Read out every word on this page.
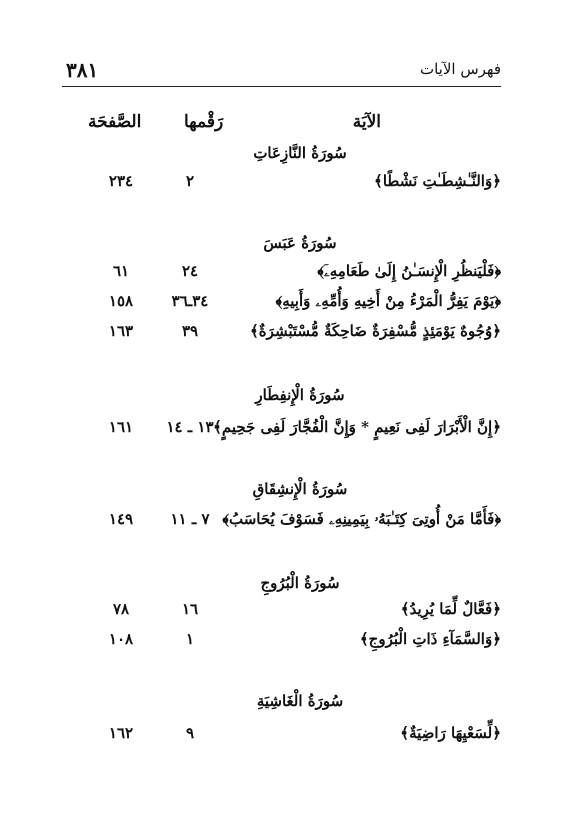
فهرس الآيات
٣٨١
الآيَة
رَقْمها
الصَّفحَة
سُورَةُ النَّازِعَاتِ
﴿وَالنَّـٰشِطَـٰتِ نَشْطًا﴾
٢
٢٣٤
سُورَةُ عَبَسَ
﴿فَلْيَنظُرِ الْإِنسَـٰنُ إِلَىٰ طَعَامِهِۦٓ﴾
٢٤
٦١
﴿يَوْمَ يَفِرُّ الْمَرْءُ مِنْ أَخِيهِ وَأُمِّهِۦ وَأَبِيهِ﴾
٣٤ـ٣٦
١٥٨
﴿وُجُوهٌ يَوْمَئِذٍ مُّسْفِرَةٌ ضَاحِكَةٌ مُّسْتَبْشِرَةٌ﴾
٣٩
١٦٣
سُورَةُ الْإِنفِطَارِ
﴿إِنَّ الْأَبْرَارَ لَفِى نَعِيمٍ * وَإِنَّ الْفُجَّارَ لَفِى جَحِيمٍ﴾
١٣ ـ ١٤
١٦١
سُورَةُ الْإِنشِقَاقِ
﴿فَأَمَّا مَنْ أُوتِىَ كِتَـٰبَهُۥ بِيَمِينِهِۦ فَسَوْفَ يُحَاسَبُ﴾
٧ ـ ١١
١٤٩
سُورَةُ الْبُرُوجِ
﴿فَعَّالٌ لِّمَا يُرِيدُ﴾
١٦
٧٨
﴿وَالسَّمَآءِ ذَاتِ الْبُرُوجِ﴾
١
١٠٨
سُورَةُ الْغَاشِيَةِ
﴿لِّسَعْيِهَا رَاضِيَةٌ﴾
٩
١٦٢
